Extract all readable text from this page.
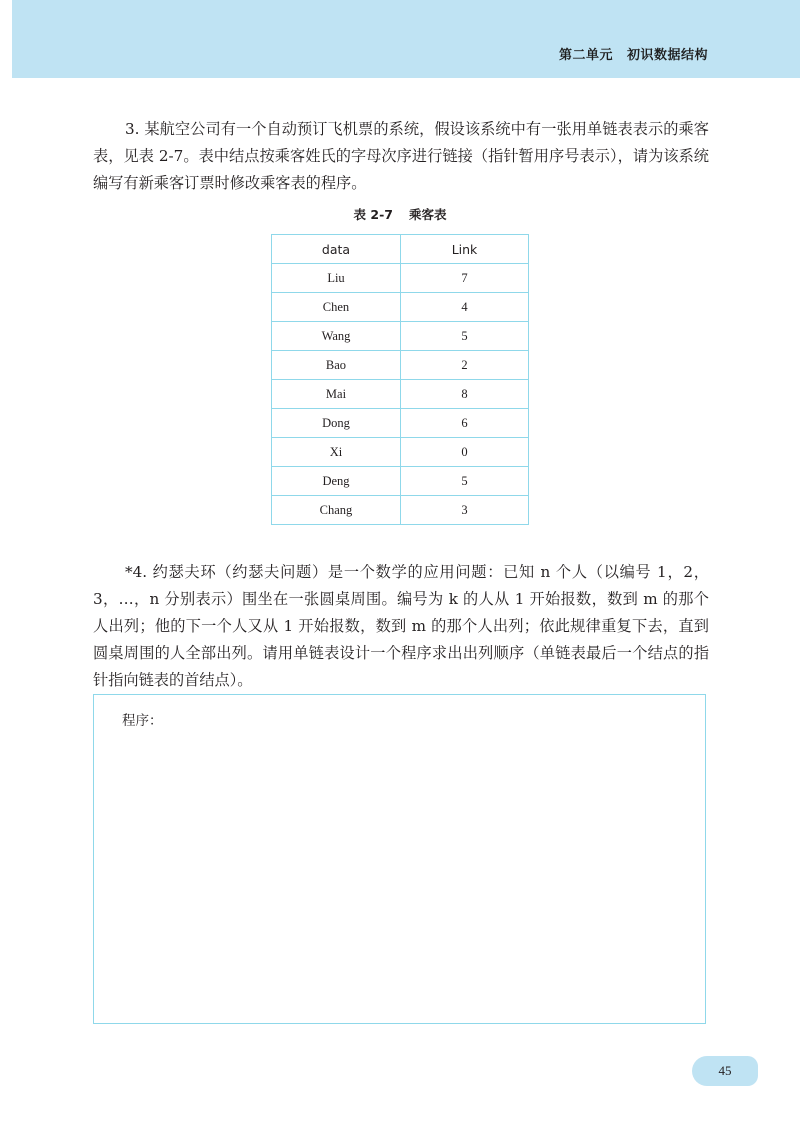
第二单元 初识数据结构

3. 某航空公司有一个自动预订飞机票的系统，假设该系统中有一张用单链表表示的乘客表，见表 2-7。表中结点按乘客姓氏的字母次序进行链接（指针暂用序号表示），请为该系统编写有新乘客订票时修改乘客表的程序。

表 2-7 乘客表
data	Link
Liu	7
Chen	4
Wang	5
Bao	2
Mai	8
Dong	6
Xi	0
Deng	5
Chang	3

*4. 约瑟夫环（约瑟夫问题）是一个数学的应用问题：已知 n 个人（以编号 1，2，3，…，n 分别表示）围坐在一张圆桌周围。编号为 k 的人从 1 开始报数，数到 m 的那个人出列；他的下一个人又从 1 开始报数，数到 m 的那个人出列；依此规律重复下去，直到圆桌周围的人全部出列。请用单链表设计一个程序求出出列顺序（单链表最后一个结点的指针指向链表的首结点）。

程序：
45
